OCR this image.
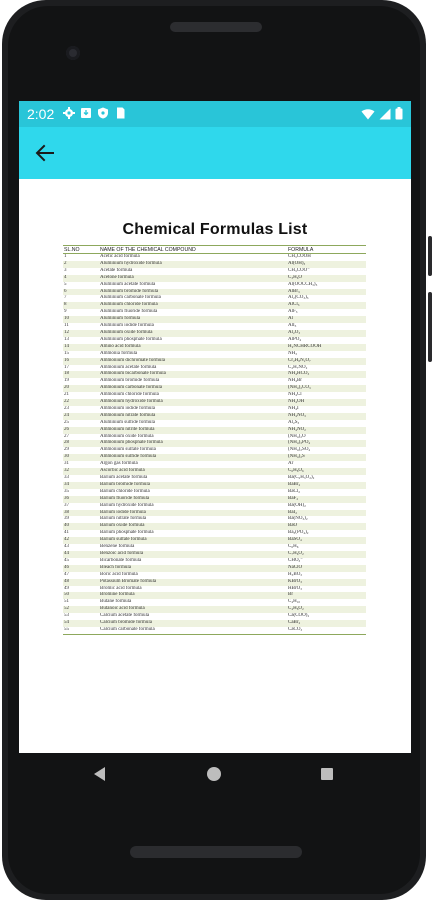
2:02
Chemical Formulas List
SL.NO	NAME OF THE CHEMICAL COMPOUND	FORMULA
1	Acetic acid formula	CH₃COOH
2	Aluminium hydroxide formula	Al(OH)₃
3	Acetate formula	CH₃COO⁻
4	Acetone formula	C₃H₆O
5	Aluminium acetate formula	Al(OOCCH₃)₃
6	Aluminium bromide formula	AlBr₃
7	Aluminium carbonate formula	Al₂(CO₃)₃
8	Aluminium chloride formula	AlCl₃
9	Aluminium fluoride formula	AlF₃
10	Aluminium formula	Al
11	Aluminium iodide formula	AlI₃
12	Aluminium oxide formula	Al₂O₃
13	Aluminium phosphate formula	AlPO₄
14	Amino acid formula	H₂NCHRCOOH
15	Ammonia formula	NH₃
16	Ammonium dichromate formula	Cr₂H₈N₂O₇
17	Ammonium acetate formula	C₂H₇NO₂
18	Ammonium bicarbonate formula	NH₄HCO₃
19	Ammonium bromide formula	NH₄Br
20	Ammonium carbonate formula	(NH₄)₂CO₃
21	Ammonium chloride formula	NH₄Cl
22	Ammonium hydroxide formula	NH₄OH
23	Ammonium iodide formula	NH₄I
24	Ammonium nitrate formula	NH₄NO₃
25	Aluminium sulfide formula	Al₂S₃
26	Ammonium nitrite formula	NH₄NO₂
27	Ammonium oxide formula	(NH₄)₂O
28	Ammonium phosphate formula	(NH₄)₃PO₄
29	Ammonium sulfate formula	(NH₄)₂SO₄
30	Ammonium sulfide formula	(NH₄)₂S
31	Argon gas formula	Ar
32	Ascorbic acid formula	C₆H₈O₆
33	Barium acetate formula	Ba(C₂H₃O₂)₂
34	Barium bromide formula	BaBr₂
35	Barium chloride formula	BaCl₂
36	Barium fluoride formula	BaF₂
37	Barium hydroxide formula	Ba(OH)₂
38	Barium iodide formula	BaI₂
39	Barium nitrate formula	Ba(NO₃)₂
40	Barium oxide formula	BaO
41	Barium phosphate formula	Ba₃(PO₄)₂
42	Barium sulfate formula	BaSO₄
43	Benzene formula	C₆H₆
44	Benzoic acid formula	C₇H₆O₂
45	Bicarbonate formula	CHO₃⁻
46	Bleach formula	NaClO
47	Boric acid formula	H₃BO₃
48	Potassium Bromate formula	KBrO₃
49	Bromic acid formula	HBrO₃
50	Bromine formula	Br
51	Butane formula	C₄H₁₀
52	Butanoic acid formula	C₄H₈O₂
53	Calcium acetate formula	Ca(COO)₂
54	Calcium bromide formula	CaBr₂
55	Calcium carbonate formula	CaCO₃
